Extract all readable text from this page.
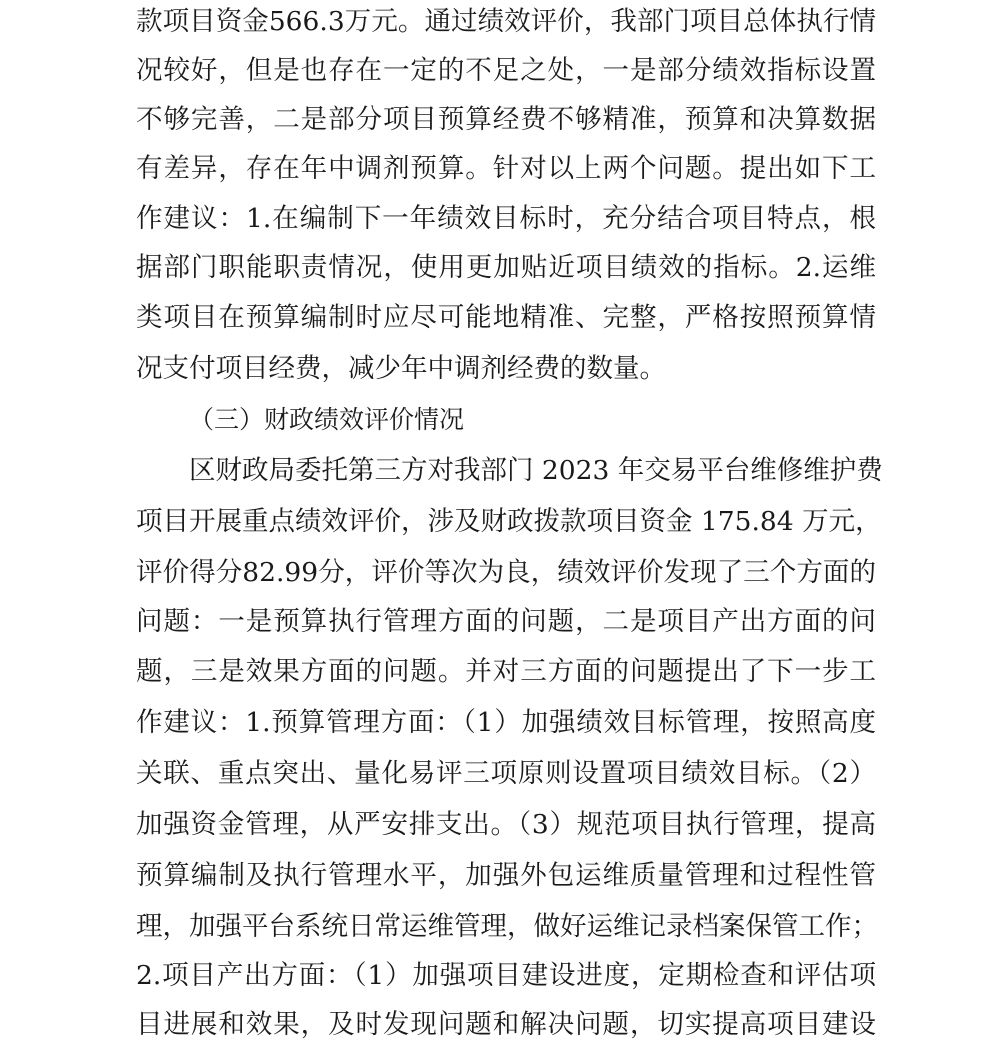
款项目资金566.3万元。通过绩效评价，我部门项目总体执行情
况较好，但是也存在一定的不足之处，一是部分绩效指标设置
不够完善，二是部分项目预算经费不够精准，预算和决算数据
有差异，存在年中调剂预算。针对以上两个问题。提出如下工
作建议：1.在编制下一年绩效目标时，充分结合项目特点，根
据部门职能职责情况，使用更加贴近项目绩效的指标。2.运维
类项目在预算编制时应尽可能地精准、完整，严格按照预算情
况支付项目经费，减少年中调剂经费的数量。
（三）财政绩效评价情况
区财政局委托第三方对我部门 2023 年交易平台维修维护费
项目开展重点绩效评价，涉及财政拨款项目资金 175.84 万元，
评价得分82.99分，评价等次为良，绩效评价发现了三个方面的
问题：一是预算执行管理方面的问题，二是项目产出方面的问
题，三是效果方面的问题。并对三方面的问题提出了下一步工
作建议：1.预算管理方面：（1）加强绩效目标管理，按照高度
关联、重点突出、量化易评三项原则设置项目绩效目标。（2）
加强资金管理，从严安排支出。（3）规范项目执行管理，提高
预算编制及执行管理水平，加强外包运维质量管理和过程性管
理，加强平台系统日常运维管理，做好运维记录档案保管工作；
2.项目产出方面：（1）加强项目建设进度，定期检查和评估项
目进展和效果，及时发现问题和解决问题，切实提高项目建设
